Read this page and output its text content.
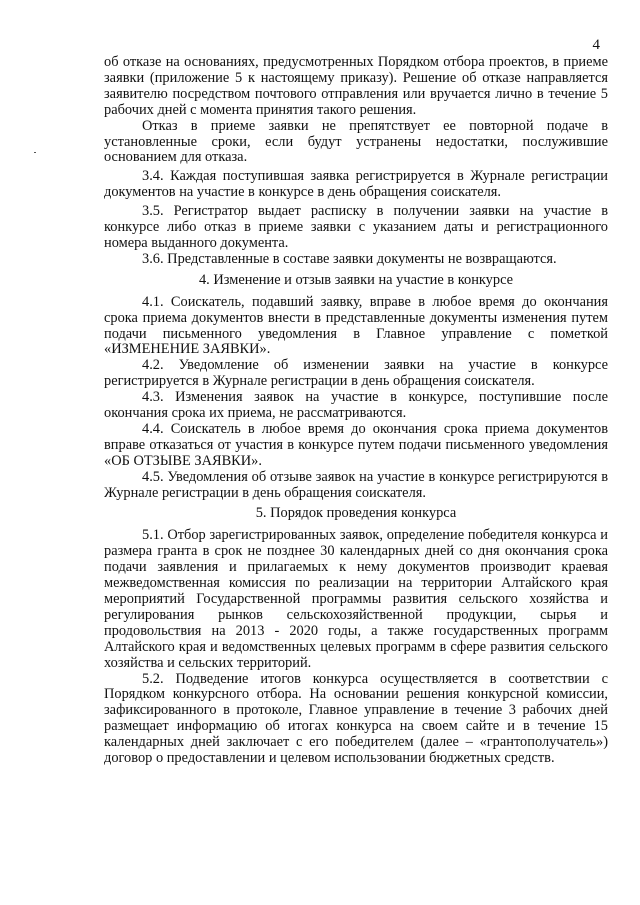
4

об отказе на основаниях, предусмотренных Порядком отбора проектов, в приеме заявки (приложение 5 к настоящему приказу). Решение об отказе направляется заявителю посредством почтового отправления или вручается лично в течение 5 рабочих дней с момента принятия такого решения.

Отказ в приеме заявки не препятствует ее повторной подаче в установленные сроки, если будут устранены недостатки, послужившие основанием для отказа.

3.4. Каждая поступившая заявка регистрируется в Журнале регистрации документов на участие в конкурсе в день обращения соискателя.

3.5. Регистратор выдает расписку в получении заявки на участие в конкурсе либо отказ в приеме заявки с указанием даты и регистрационного номера выданного документа.

3.6. Представленные в составе заявки документы не возвращаются.

4. Изменение и отзыв заявки на участие в конкурсе

4.1. Соискатель, подавший заявку, вправе в любое время до окончания срока приема документов внести в представленные документы изменения путем подачи письменного уведомления в Главное управление с пометкой «ИЗМЕНЕНИЕ ЗАЯВКИ».

4.2. Уведомление об изменении заявки на участие в конкурсе регистрируется в Журнале регистрации в день обращения соискателя.

4.3. Изменения заявок на участие в конкурсе, поступившие после окончания срока их приема, не рассматриваются.

4.4. Соискатель в любое время до окончания срока приема документов вправе отказаться от участия в конкурсе путем подачи письменного уведомления «ОБ ОТЗЫВЕ ЗАЯВКИ».

4.5. Уведомления об отзыве заявок на участие в конкурсе регистрируются в Журнале регистрации в день обращения соискателя.

5. Порядок проведения конкурса

5.1. Отбор зарегистрированных заявок, определение победителя конкурса и размера гранта в срок не позднее 30 календарных дней со дня окончания срока подачи заявления и прилагаемых к нему документов производит краевая межведомственная комиссия по реализации на территории Алтайского края мероприятий Государственной программы развития сельского хозяйства и регулирования рынков сельскохозяйственной продукции, сырья и продовольствия на 2013 - 2020 годы, а также государственных программ Алтайского края и ведомственных целевых программ в сфере развития сельского хозяйства и сельских территорий.

5.2. Подведение итогов конкурса осуществляется в соответствии с Порядком конкурсного отбора. На основании решения конкурсной комиссии, зафиксированного в протоколе, Главное управление в течение 3 рабочих дней размещает информацию об итогах конкурса на своем сайте и в течение 15 календарных дней заключает с его победителем (далее – «грантополучатель») договор о предоставлении и целевом использовании бюджетных средств.
